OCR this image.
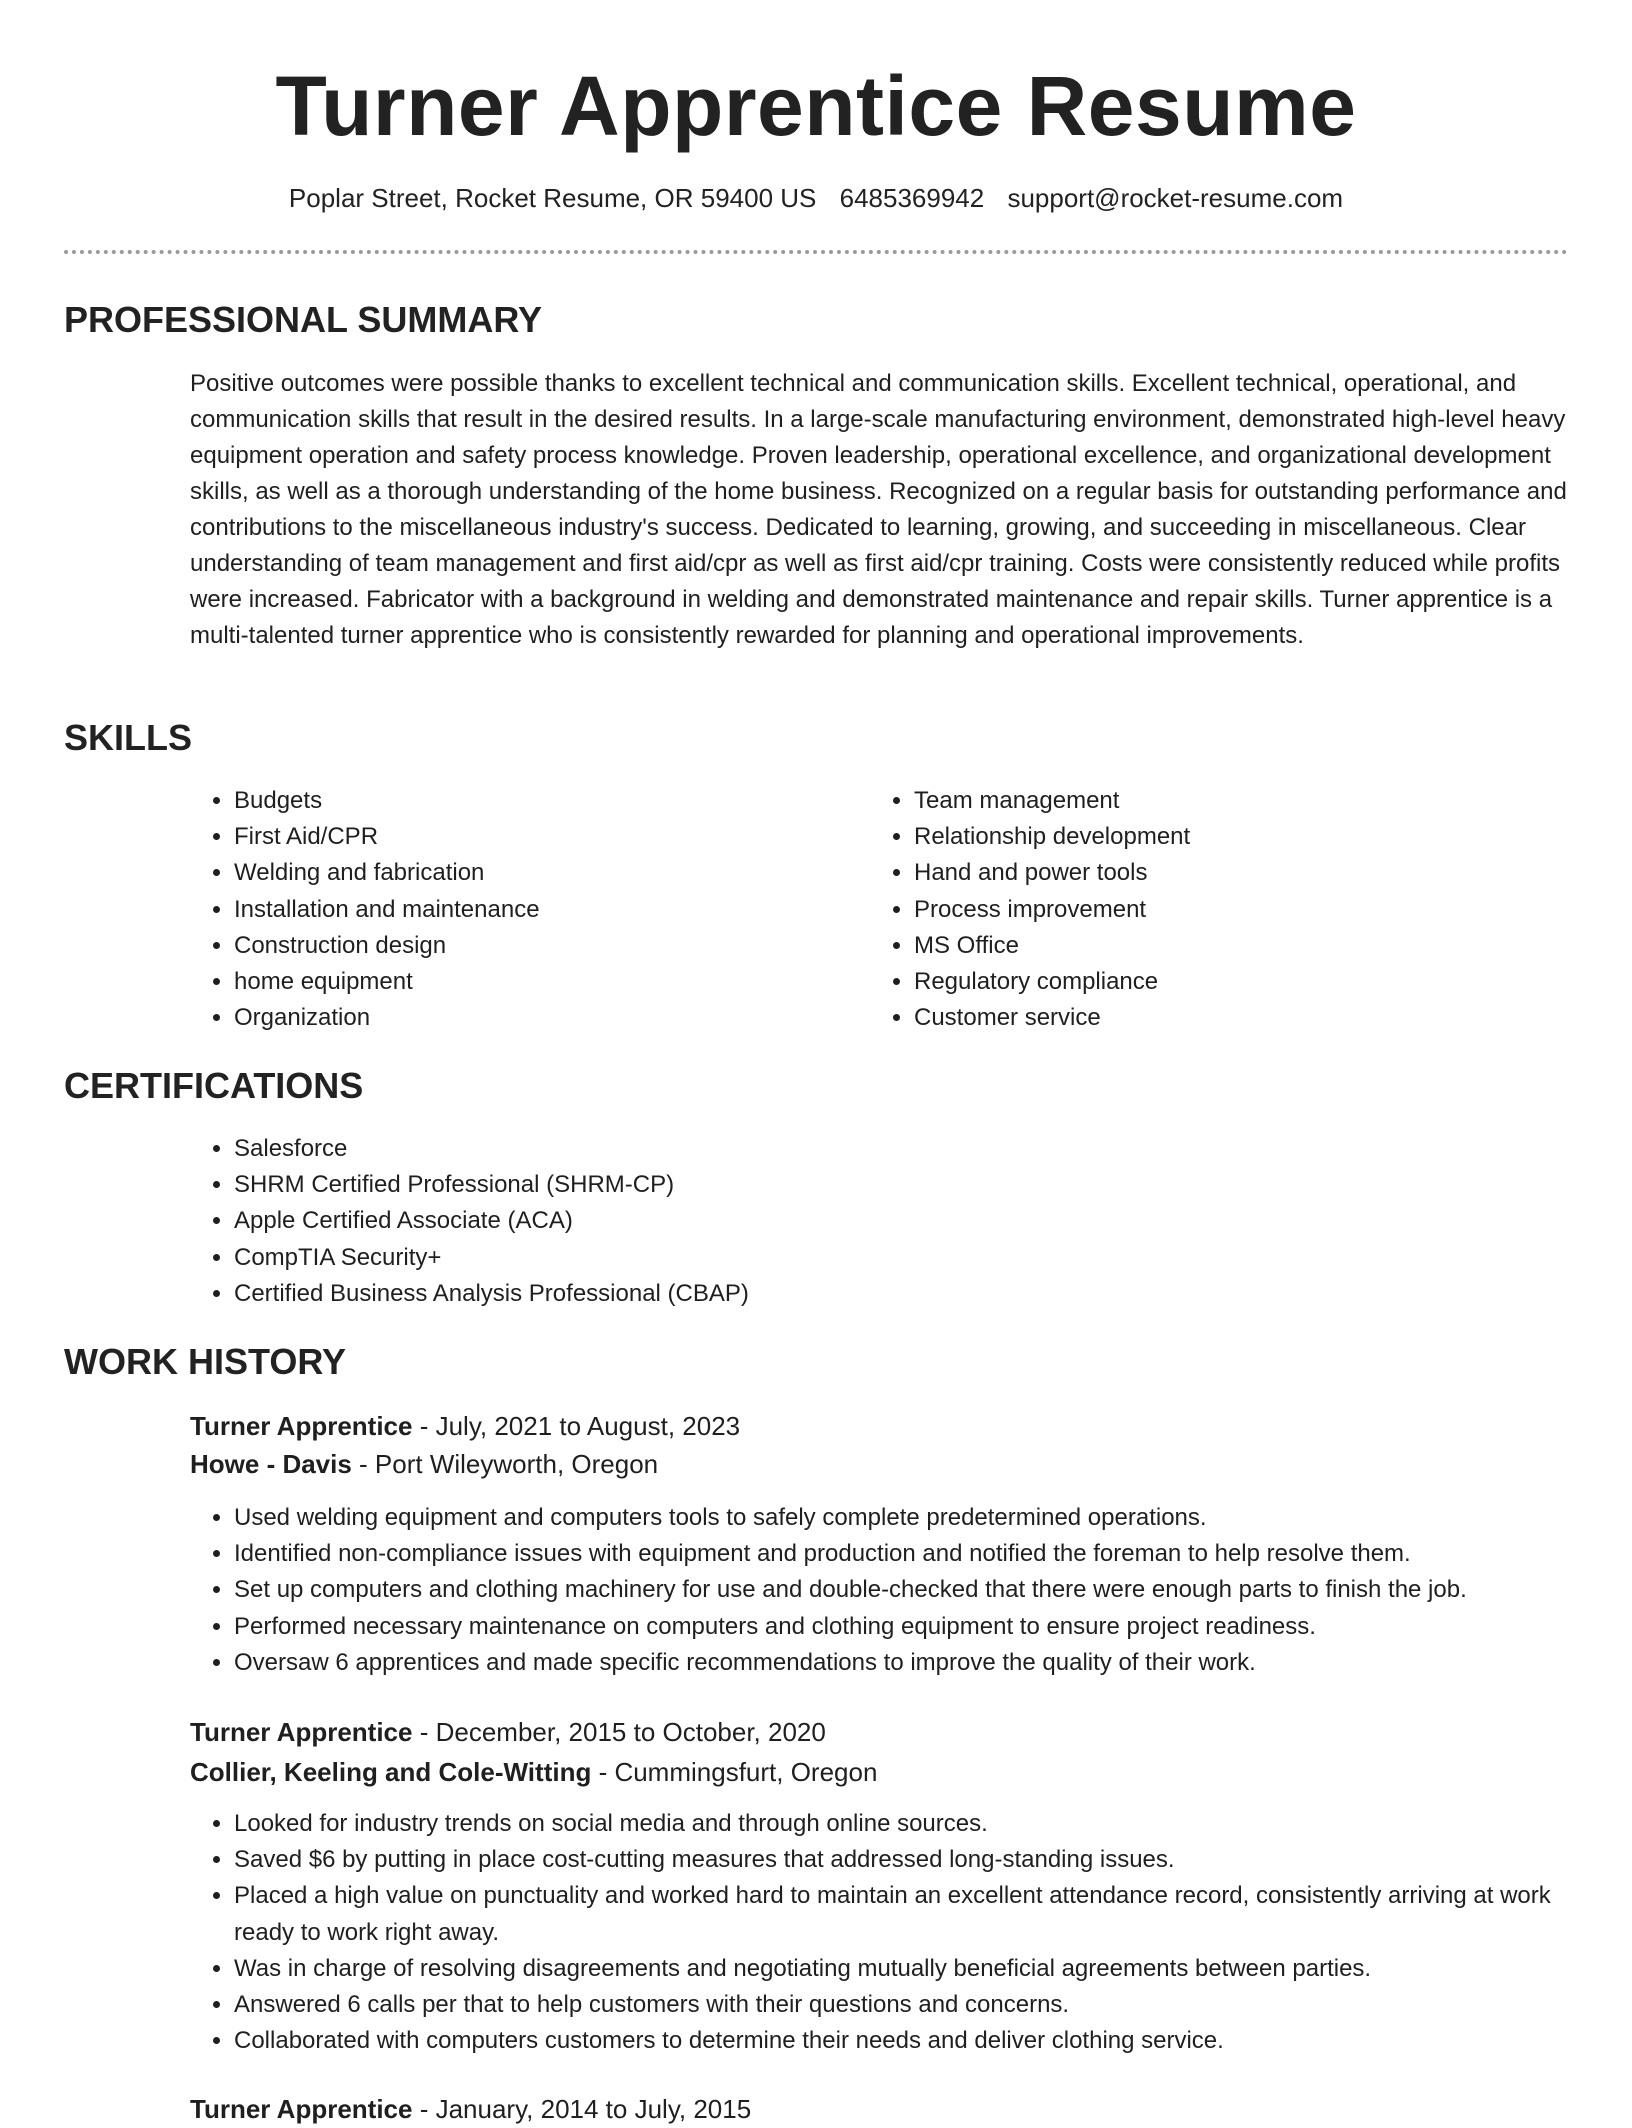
Turner Apprentice Resume
Poplar Street, Rocket Resume, OR 59400 US 6485369942 support@rocket-resume.com
PROFESSIONAL SUMMARY

Positive outcomes were possible thanks to excellent technical and communication skills. Excellent technical, operational, and communication skills that result in the desired results. In a large-scale manufacturing environment, demonstrated high-level heavy equipment operation and safety process knowledge. Proven leadership, operational excellence, and organizational development skills, as well as a thorough understanding of the home business. Recognized on a regular basis for outstanding performance and contributions to the miscellaneous industry's success. Dedicated to learning, growing, and succeeding in miscellaneous. Clear understanding of team management and first aid/cpr as well as first aid/cpr training. Costs were consistently reduced while profits were increased. Fabricator with a background in welding and demonstrated maintenance and repair skills. Turner apprentice is a multi-talented turner apprentice who is consistently rewarded for planning and operational improvements.

SKILLS
• Budgets
• First Aid/CPR
• Welding and fabrication
• Installation and maintenance
• Construction design
• home equipment
• Organization
• Team management
• Relationship development
• Hand and power tools
• Process improvement
• MS Office
• Regulatory compliance
• Customer service
CERTIFICATIONS
• Salesforce
• SHRM Certified Professional (SHRM-CP)
• Apple Certified Associate (ACA)
• CompTIA Security+
• Certified Business Analysis Professional (CBAP)
WORK HISTORY

Turner Apprentice - July, 2021 to August, 2023

Howe - Davis - Port Wileyworth, Oregon

• Used welding equipment and computers tools to safely complete predetermined operations.
• Identified non-compliance issues with equipment and production and notified the foreman to help resolve them.
• Set up computers and clothing machinery for use and double-checked that there were enough parts to finish the job.
• Performed necessary maintenance on computers and clothing equipment to ensure project readiness.
• Oversaw 6 apprentices and made specific recommendations to improve the quality of their work.

Turner Apprentice - December, 2015 to October, 2020

Collier, Keeling and Cole-Witting - Cummingsfurt, Oregon

• Looked for industry trends on social media and through online sources.
• Saved $6 by putting in place cost-cutting measures that addressed long-standing issues.
• Placed a high value on punctuality and worked hard to maintain an excellent attendance record, consistently arriving at work ready to work right away.
• Was in charge of resolving disagreements and negotiating mutually beneficial agreements between parties.
• Answered 6 calls per that to help customers with their questions and concerns.
• Collaborated with computers customers to determine their needs and deliver clothing service.

Turner Apprentice - January, 2014 to July, 2015
